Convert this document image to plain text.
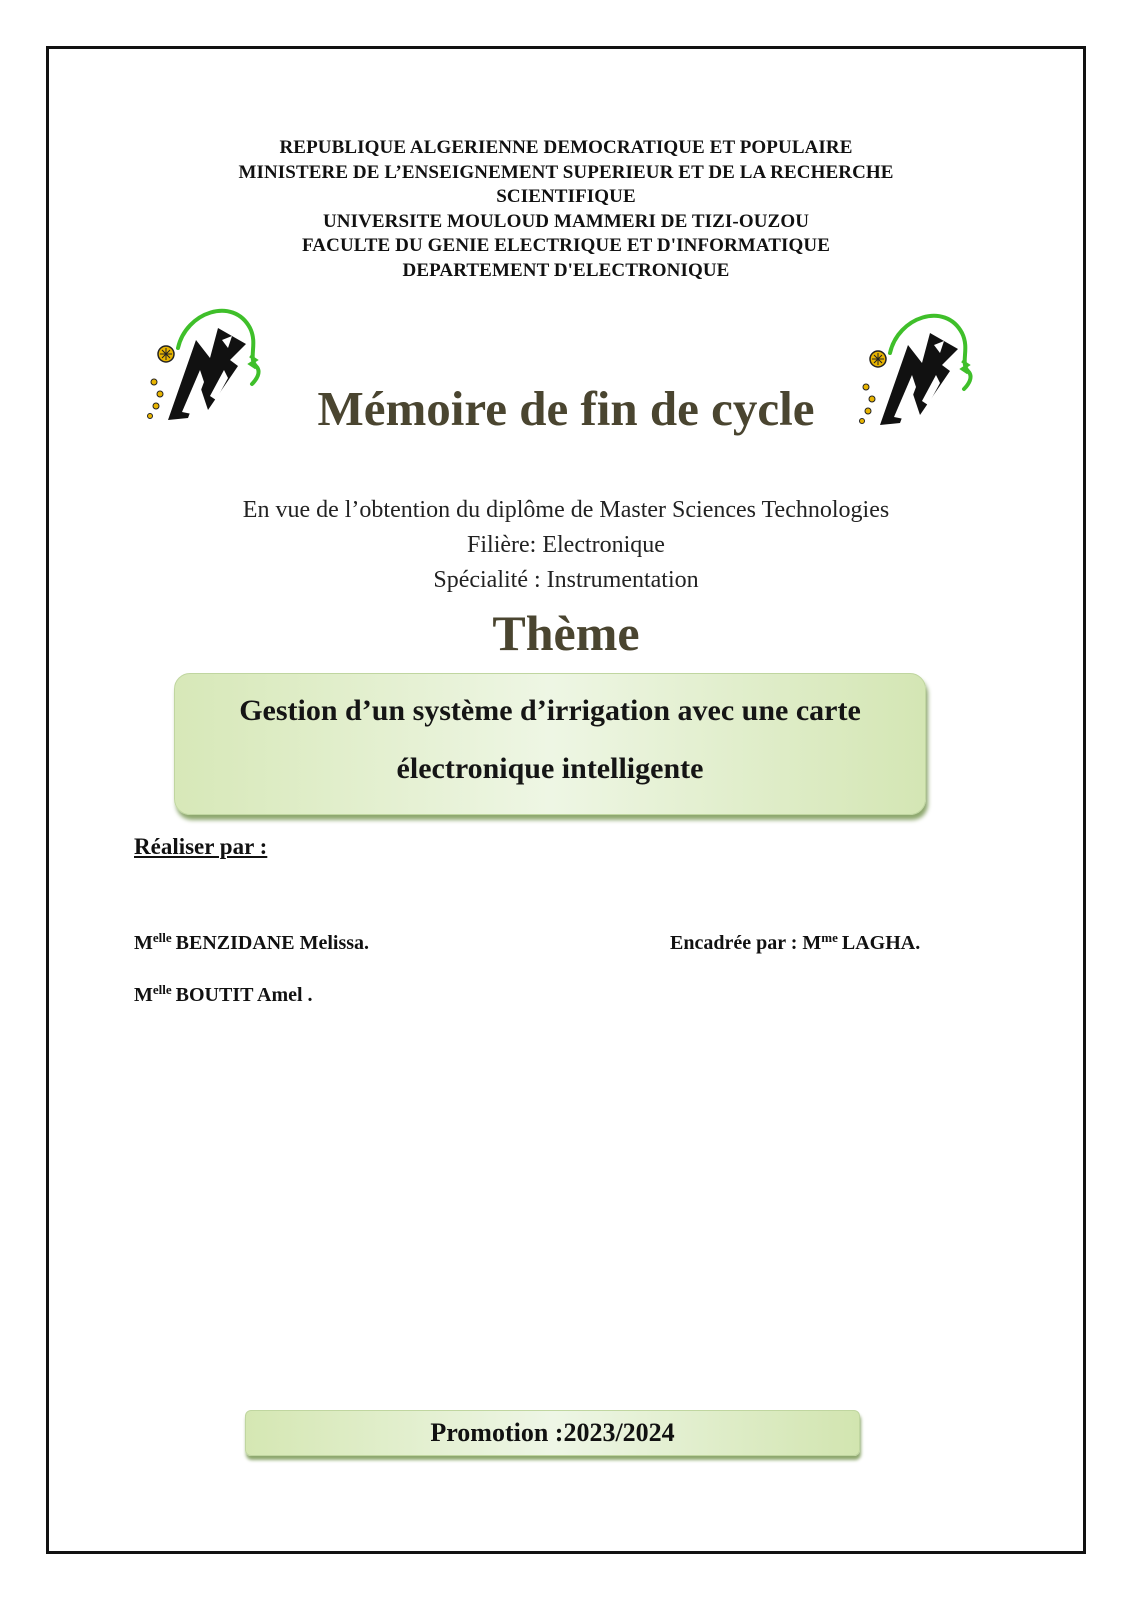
REPUBLIQUE ALGERIENNE DEMOCRATIQUE ET POPULAIRE
MINISTERE DE L’ENSEIGNEMENT SUPERIEUR ET DE LA RECHERCHE
SCIENTIFIQUE
UNIVERSITE MOULOUD MAMMERI DE TIZI-OUZOU
FACULTE DU GENIE ELECTRIQUE ET D'INFORMATIQUE
DEPARTEMENT D'ELECTRONIQUE
Mémoire de fin de cycle
En vue de l’obtention du diplôme de Master Sciences Technologies
Filière: Electronique
Spécialité : Instrumentation
Thème
Gestion d’un système d’irrigation avec une carte
électronique intelligente
Réaliser par :
$M^{elle}$ BENZIDANE Melissa.
$M^{elle}$ BOUTIT Amel .
Encadrée par : $M^{me}$ LAGHA.
Promotion :2023/2024
